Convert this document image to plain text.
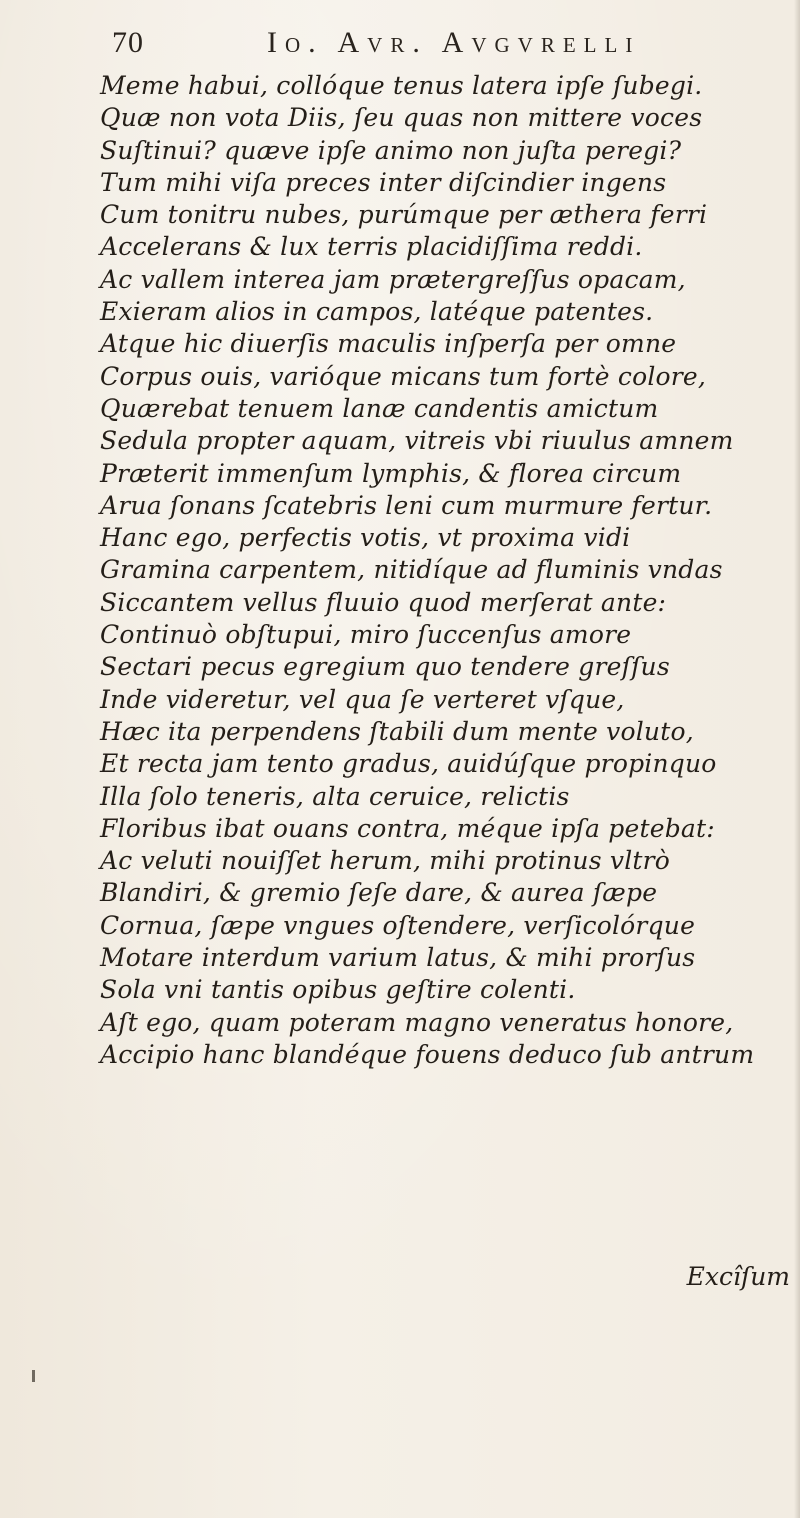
70	Io. Avr. Avgvrelli
Meme habui, collóque tenus latera ipſe ſubegi.
Quæ non vota Diis, ſeu quas non mittere voces
Suſtinui? quæve ipſe animo non juſta peregi?
Tum mihi viſa preces inter diſcindier ingens
Cum tonitru nubes, purúmque per æthera ferri
Accelerans & lux terris placidiſſima reddi.
Ac vallem interea jam prætergreſſus opacam,
Exieram alios in campos, latéque patentes.
Atque hic diuerſis maculis inſperſa per omne
Corpus ouis, varióque micans tum fortè colore,
Quærebat tenuem lanæ candentis amictum
Sedula propter aquam, vitreis vbi riuulus amnem
Præterit immenſum lymphis, & florea circum
Arua ſonans ſcatebris leni cum murmure fertur.
Hanc ego, perfectis votis, vt proxima vidi
Gramina carpentem, nitidíque ad fluminis vndas
Siccantem vellus fluuio quod merſerat ante:
Continuò obſtupui, miro ſuccenſus amore
Sectari pecus egregium quo tendere greſſus
Inde videretur, vel qua ſe verteret vſque,
Hæc ita perpendens ſtabili dum mente voluto,
Et recta jam tento gradus, auidúſque propinquo
Illa ſolo teneris, alta ceruice, relictis
Floribus ibat ouans contra, méque ipſa petebat:
Ac veluti nouiſſet herum, mihi protinus vltrò
Blandiri, & gremio ſeſe dare, & aurea ſæpe
Cornua, ſæpe vngues oſtendere, verſicolórque
Motare interdum varium latus, & mihi prorſus
Sola vni tantis opibus geſtire colenti.
Aſt ego, quam poteram magno veneratus honore,
Accipio hanc blandéque fouens deduco ſub antrum
Excîſum
